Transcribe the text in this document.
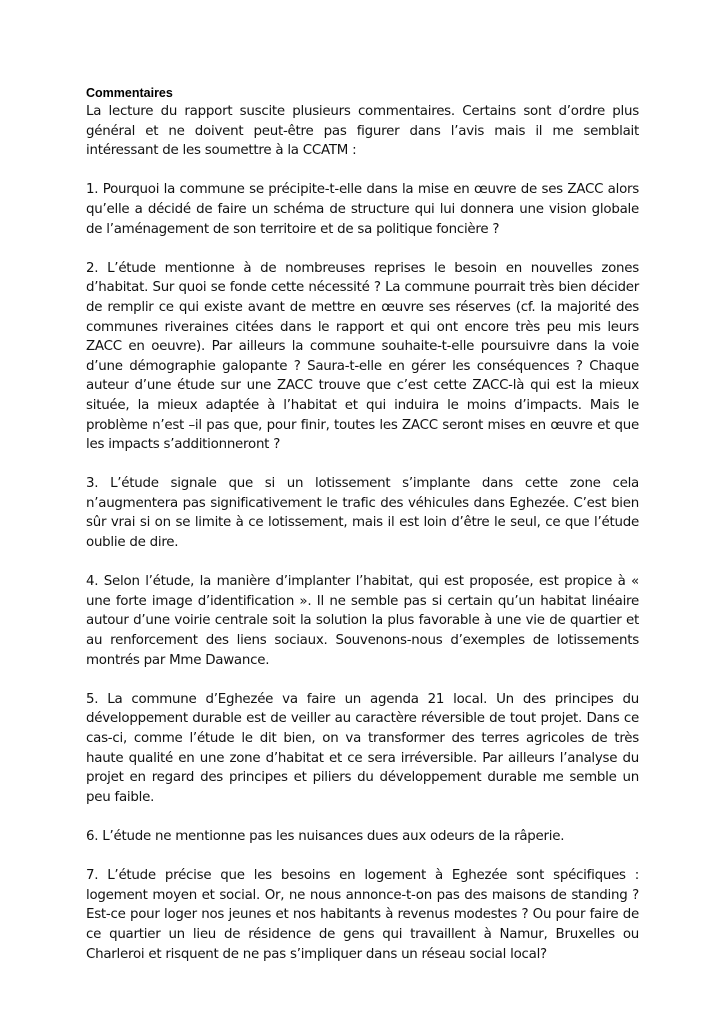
Commentaires

La lecture du rapport suscite plusieurs commentaires. Certains sont d’ordre plus général et ne doivent peut-être pas figurer dans l’avis mais il me semblait intéressant de les soumettre à la CCATM :

1. Pourquoi la commune se précipite-t-elle dans la mise en œuvre de ses ZACC alors qu’elle a décidé de faire un schéma de structure qui lui donnera une vision globale de l’aménagement de son territoire et de sa politique foncière ?

2. L’étude mentionne à de nombreuses reprises le besoin en nouvelles zones d’habitat. Sur quoi se fonde cette nécessité ? La commune pourrait très bien décider de remplir ce qui existe avant de mettre en œuvre ses réserves (cf. la majorité des communes riveraines citées dans le rapport et qui ont encore très peu mis leurs ZACC en oeuvre). Par ailleurs la commune souhaite-t-elle poursuivre dans la voie d’une démographie galopante ? Saura-t-elle en gérer les conséquences ? Chaque auteur d’une étude sur une ZACC trouve que c’est cette ZACC-là qui est la mieux située, la mieux adaptée à l’habitat et qui induira le moins d’impacts. Mais le problème n’est –il pas que, pour finir, toutes les ZACC seront mises en œuvre et que les impacts s’additionneront ?

3. L’étude signale que si un lotissement s’implante dans cette zone cela n’augmentera pas significativement le trafic des véhicules dans Eghezée. C’est bien sûr vrai si on se limite à ce lotissement, mais il est loin d’être le seul, ce que l’étude oublie de dire.

4. Selon l’étude, la manière d’implanter l’habitat, qui est proposée, est propice à « une forte image d’identification ». Il ne semble pas si certain qu’un habitat linéaire autour d’une voirie centrale soit la solution la plus favorable à une vie de quartier et au renforcement des liens sociaux. Souvenons-nous d’exemples de lotissements montrés par Mme Dawance.

5. La commune d’Eghezée va faire un agenda 21 local. Un des principes du développement durable est de veiller au caractère réversible de tout projet. Dans ce cas-ci, comme l’étude le dit bien, on va transformer des terres agricoles de très haute qualité en une zone d’habitat et ce sera irréversible. Par ailleurs l’analyse du projet en regard des principes et piliers du développement durable me semble un peu faible.

6. L’étude ne mentionne pas les nuisances dues aux odeurs de la râperie.

7. L’étude précise que les besoins en logement à Eghezée sont spécifiques : logement moyen et social. Or, ne nous annonce-t-on pas des maisons de standing ? Est-ce pour loger nos jeunes et nos habitants à revenus modestes ? Ou pour faire de ce quartier un lieu de résidence de gens qui travaillent à Namur, Bruxelles ou Charleroi et risquent de ne pas s’impliquer dans un réseau social local?
